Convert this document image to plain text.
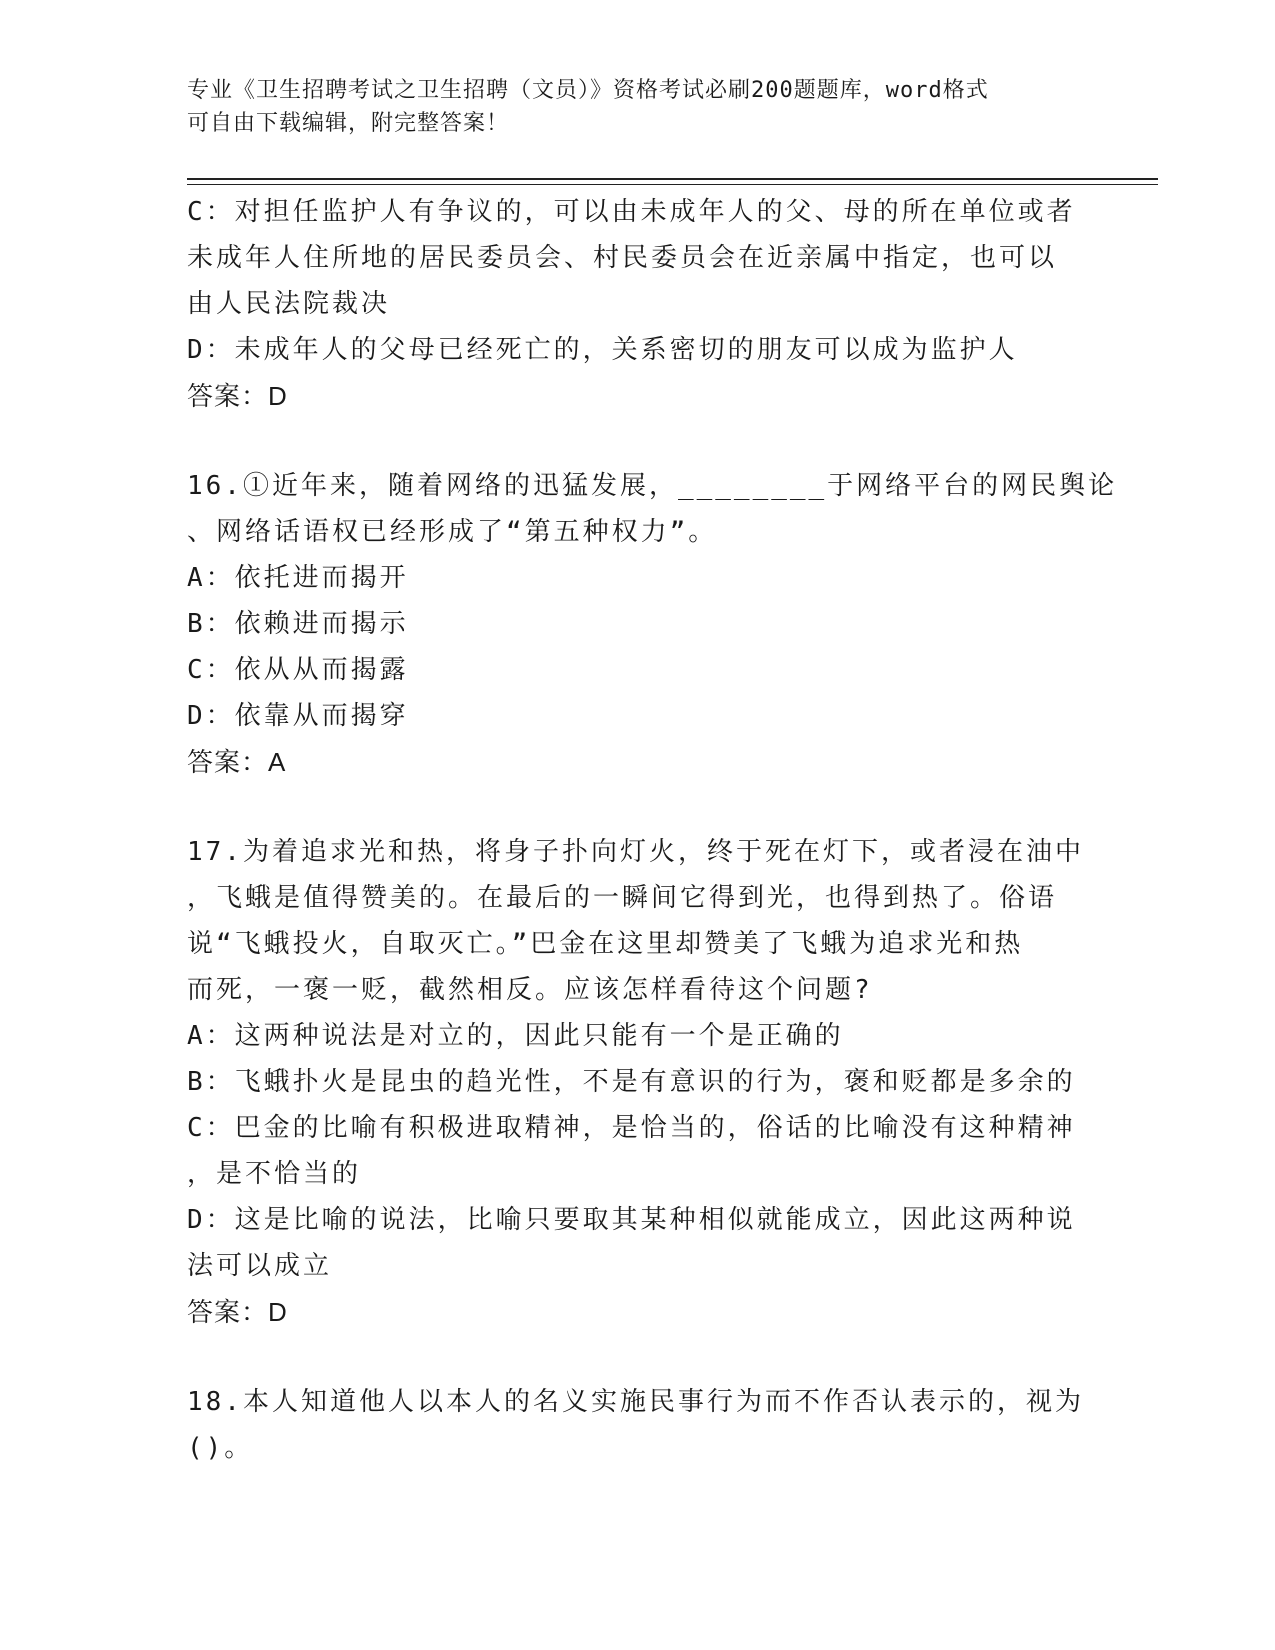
专业《卫生招聘考试之卫生招聘（文员）》资格考试必刷200题题库，word格式
可自由下载编辑，附完整答案！
C：对担任监护人有争议的，可以由未成年人的父、母的所在单位或者
未成年人住所地的居民委员会、村民委员会在近亲属中指定，也可以
由人民法院裁决
D：未成年人的父母已经死亡的，关系密切的朋友可以成为监护人
答案：D
16.①近年来，随着网络的迅猛发展，________于网络平台的网民舆论
、网络话语权已经形成了“第五种权力”。
A：依托进而揭开
B：依赖进而揭示
C：依从从而揭露
D：依靠从而揭穿
答案：A
17.为着追求光和热，将身子扑向灯火，终于死在灯下，或者浸在油中
，飞蛾是值得赞美的。在最后的一瞬间它得到光，也得到热了。俗语
说“飞蛾投火，自取灭亡。”巴金在这里却赞美了飞蛾为追求光和热
而死，一褒一贬，截然相反。应该怎样看待这个问题?
A：这两种说法是对立的，因此只能有一个是正确的
B：飞蛾扑火是昆虫的趋光性，不是有意识的行为，褒和贬都是多余的
C：巴金的比喻有积极进取精神，是恰当的，俗话的比喻没有这种精神
，是不恰当的
D：这是比喻的说法，比喻只要取其某种相似就能成立，因此这两种说
法可以成立
答案：D
18.本人知道他人以本人的名义实施民事行为而不作否认表示的，视为
()。
